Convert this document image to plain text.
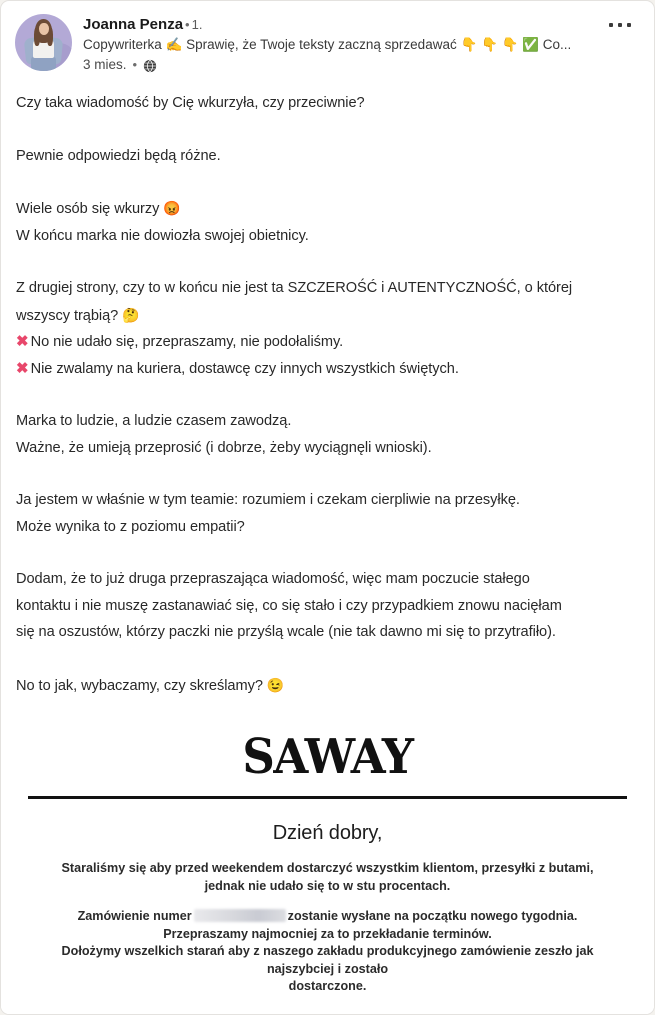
Joanna Penza • 1.
Copywriterka ✍ Sprawię, że Twoje teksty zaczną sprzedawać 👇 👇 👇 ✅ Co...
3 mies. •

Czy taka wiadomość by Cię wkurzyła, czy przeciwnie?

Pewnie odpowiedzi będą różne.

Wiele osób się wkurzy 😡

W końcu marka nie dowiozła swojej obietnicy.

Z drugiej strony, czy to w końcu nie jest ta SZCZEROŚĆ i AUTENTYCZNOŚĆ, o której

wszyscy trąbią? 🤔

✖ No nie udało się, przepraszamy, nie podołaliśmy.

✖ Nie zwalamy na kuriera, dostawcę czy innych wszystkich świętych.

Marka to ludzie, a ludzie czasem zawodzą.

Ważne, że umieją przeprosić (i dobrze, żeby wyciągnęli wnioski).

Ja jestem w właśnie w tym teamie: rozumiem i czekam cierpliwie na przesyłkę.

Może wynika to z poziomu empatii?

Dodam, że to już druga przepraszająca wiadomość, więc mam poczucie stałego

kontaktu i nie muszę zastanawiać się, co się stało i czy przypadkiem znowu nacięłam

się na oszustów, którzy paczki nie przyślą wcale (nie tak dawno mi się to przytrafiło).

No to jak, wybaczamy, czy skreślamy? 😉

SAWAY
Dzień dobry,

Staraliśmy się aby przed weekendem dostarczyć wszystkim klientom, przesyłki z butami,

jednak nie udało się to w stu procentach.

Zamówienie numer	zostanie wysłane na początku nowego tygodnia.

Przepraszamy najmocniej za to przekładanie terminów.

Dołożymy wszelkich starań aby z naszego zakładu produkcyjnego zamówienie zeszło jak najszybciej i zostało

dostarczone.
